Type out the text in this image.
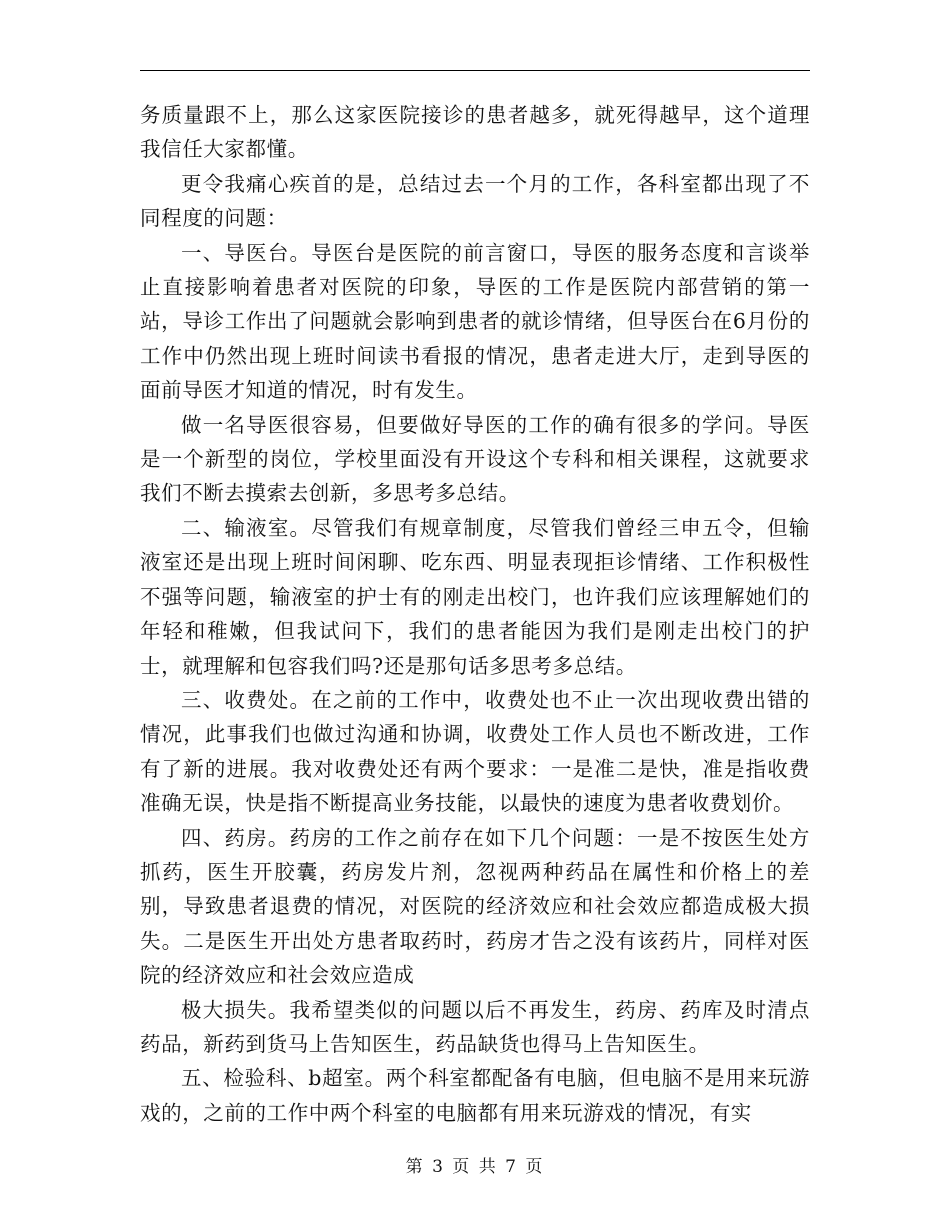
务质量跟不上，那么这家医院接诊的患者越多，就死得越早，这个道理我信任大家都懂。

更令我痛心疾首的是，总结过去一个月的工作，各科室都出现了不同程度的问题：

一、导医台。导医台是医院的前言窗口，导医的服务态度和言谈举止直接影响着患者对医院的印象，导医的工作是医院内部营销的第一站，导诊工作出了问题就会影响到患者的就诊情绪，但导医台在6月份的工作中仍然出现上班时间读书看报的情况，患者走进大厅，走到导医的面前导医才知道的情况，时有发生。

做一名导医很容易，但要做好导医的工作的确有很多的学问。导医是一个新型的岗位，学校里面没有开设这个专科和相关课程，这就要求我们不断去摸索去创新，多思考多总结。

二、输液室。尽管我们有规章制度，尽管我们曾经三申五令，但输液室还是出现上班时间闲聊、吃东西、明显表现拒诊情绪、工作积极性不强等问题，输液室的护士有的刚走出校门，也许我们应该理解她们的年轻和稚嫩，但我试问下，我们的患者能因为我们是刚走出校门的护士，就理解和包容我们吗?还是那句话多思考多总结。

三、收费处。在之前的工作中，收费处也不止一次出现收费出错的情况，此事我们也做过沟通和协调，收费处工作人员也不断改进，工作有了新的进展。我对收费处还有两个要求：一是准二是快，准是指收费准确无误，快是指不断提高业务技能，以最快的速度为患者收费划价。

四、药房。药房的工作之前存在如下几个问题：一是不按医生处方抓药，医生开胶囊，药房发片剂，忽视两种药品在属性和价格上的差别，导致患者退费的情况，对医院的经济效应和社会效应都造成极大损失。二是医生开出处方患者取药时，药房才告之没有该药片，同样对医院的经济效应和社会效应造成

极大损失。我希望类似的问题以后不再发生，药房、药库及时清点药品，新药到货马上告知医生，药品缺货也得马上告知医生。

五、检验科、b超室。两个科室都配备有电脑，但电脑不是用来玩游戏的，之前的工作中两个科室的电脑都有用来玩游戏的情况，有实

第 3 页 共 7 页
